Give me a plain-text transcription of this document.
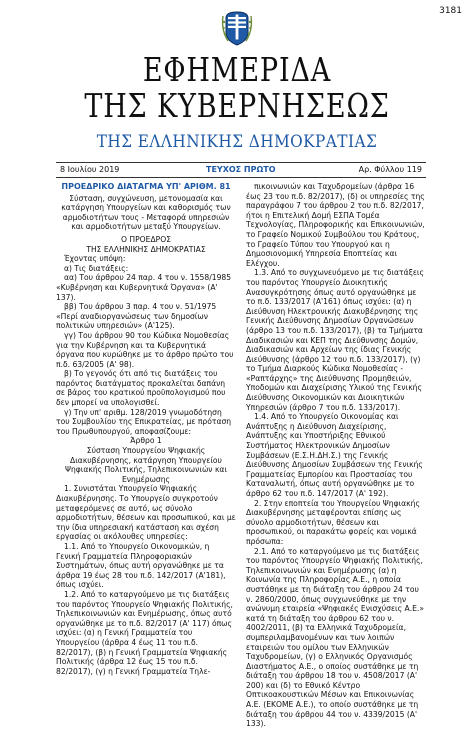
3181
ΕΦΗΜΕΡΙΔΑ
ΤΗΣ ΚΥΒΕΡΝΗΣΕΩΣ
ΤΗΣ ΕΛΛΗΝΙΚΗΣ ΔΗΜΟΚΡΑΤΙΑΣ
8 Ιουλίου 2019	ΤΕΥΧΟΣ ΠΡΩΤΟ	Αρ. Φύλλου 119

ΠΡΟΕΔΡΙΚΟ ΔΙΑΤΑΓΜΑ ΥΠ' ΑΡΙΘΜ. 81

Σύσταση, συγχώνευση, μετονομασία και κατάργηση Υπουργείων και καθορισμός των αρμοδιοτήτων τους - Μεταφορά υπηρεσιών και αρμοδιοτήτων μεταξύ Υπουργείων.

Ο ΠΡΟΕΔΡΟΣ

ΤΗΣ ΕΛΛΗΝΙΚΗΣ ΔΗΜΟΚΡΑΤΙΑΣ

Έχοντας υπόψη:

α) Τις διατάξεις:

αα) Του άρθρου 24 παρ. 4 του ν. 1558/1985 «Κυβέρνηση και Κυβερνητικά Όργανα» (Α' 137).

ββ) Του άρθρου 3 παρ. 4 του ν. 51/1975 «Περί αναδιοργανώσεως των δημοσίων πολιτικών υπηρεσιών» (Α'125).

γγ) Του άρθρου 90 του Κώδικα Νομοθεσίας για την Κυβέρνηση και τα Κυβερνητικά όργανα που κυρώθηκε με το άρθρο πρώτο του π.δ. 63/2005 (Α' 98).

β) Το γεγονός ότι από τις διατάξεις του παρόντος διατάγματος προκαλείται δαπάνη σε βάρος του κρατικού προϋπολογισμού που δεν μπορεί να υπολογισθεί.

γ) Την υπ' αριθμ. 128/2019 γνωμοδότηση του Συμβουλίου της Επικρατείας, με πρόταση του Πρωθυπουργού, αποφασίζουμε:

Άρθρο 1

Σύσταση Υπουργείου Ψηφιακής Διακυβέρνησης, κατάργηση Υπουργείου Ψηφιακής Πολιτικής, Τηλεπικοινωνιών και Ενημέρωσης

1. Συνιστάται Υπουργείο Ψηφιακής Διακυβέρνησης. Το Υπουργείο συγκροτούν μεταφερόμενες σε αυτό, ως σύνολο αρμοδιοτήτων, θέσεων και προσωπικού, και με την ίδια υπηρεσιακή κατάσταση και σχέση εργασίας οι ακόλουθες υπηρεσίες:

1.1. Από το Υπουργείο Οικονομικών, η Γενική Γραμματεία Πληροφοριακών Συστημάτων, όπως αυτή οργανώθηκε με τα άρθρα 19 έως 28 του π.δ. 142/2017 (Α'181), όπως ισχύει.

1.2. Από το καταργούμενο με τις διατάξεις του παρόντος Υπουργείο Ψηφιακής Πολιτικής, Τηλεπικοινωνιών και Ενημέρωσης, όπως αυτό οργανώθηκε με το π.δ. 82/2017 (Α' 117) όπως ισχύει: (α) η Γενική Γραμματεία του Υπουργείου (άρθρα 4 έως 11 του π.δ. 82/2017), (β) η Γενική Γραμματεία Ψηφιακής Πολιτικής (άρθρα 12 έως 15 του π.δ. 82/2017), (γ) η Γενική Γραμματεία Τηλε-

πικοινωνιών και Ταχυδρομείων (άρθρα 16 έως 23 του π.δ. 82/2017), (δ) οι υπηρεσίες της παραγράφου 7 του άρθρου 2 του π.δ. 82/2017, ήτοι η Επιτελική Δομή ΕΣΠΑ Τομέα Τεχνολογίας, Πληροφορικής και Επικοινωνιών, το Γραφείο Νομικού Συμβούλου του Κράτους, το Γραφείο Τύπου του Υπουργού και η Δημοσιονομική Υπηρεσία Εποπτείας και Ελέγχου.

1.3. Από το συγχωνευόμενο με τις διατάξεις του παρόντος Υπουργείο Διοικητικής Ανασυγκρότησης όπως αυτό οργανώθηκε με το π.δ. 133/2017 (Α'161) όπως ισχύει: (α) η Διεύθυνση Ηλεκτρονικής Διακυβέρνησης της Γενικής Διεύθυνσης Δημοσίων Οργανώσεων (άρθρο 13 του π.δ. 133/2017), (β) τα Τμήματα Διαδικασιών και ΚΕΠ της Διεύθυνσης Δομών, Διαδικασιών και Αρχείων της ίδιας Γενικής Διεύθυνσης (άρθρο 12 του π.δ. 133/2017), (γ) το Τμήμα Διαρκούς Κώδικα Νομοθεσίας - «Ραπτάρχης» της Διεύθυνσης Προμηθειών, Υποδομών και Διαχείρισης Υλικού της Γενικής Διεύθυνσης Οικονομικών και Διοικητικών Υπηρεσιών (άρθρο 7 του π.δ. 133/2017).

1.4. Από το Υπουργείο Οικονομίας και Ανάπτυξης η Διεύθυνση Διαχείρισης, Ανάπτυξης και Υποστήριξης Εθνικού Συστήματος Ηλεκτρονικών Δημοσίων Συμβάσεων (Ε.Σ.Η.ΔΗ.Σ.) της Γενικής Διεύθυνσης Δημοσίων Συμβάσεων της Γενικής Γραμματείας Εμπορίου και Προστασίας του Καταναλωτή, όπως αυτή οργανώθηκε με το άρθρο 62 του π.δ. 147/2017 (Α' 192).

2. Στην εποπτεία του Υπουργείου Ψηφιακής Διακυβέρνησης μεταφέρονται επίσης ως σύνολο αρμοδιοτήτων, θέσεων και προσωπικού, οι παρακάτω φορείς και νομικά πρόσωπα:

2.1. Από το καταργούμενο με τις διατάξεις του παρόντος Υπουργείο Ψηφιακής Πολιτικής, Τηλεπικοινωνιών και Ενημέρωσης (α) η Κοινωνία της Πληροφορίας Α.Ε., η οποία συστάθηκε με τη διάταξη του άρθρου 24 του ν. 2860/2000, όπως συγχωνεύθηκε με την ανώνυμη εταιρεία «Ψηφιακές Ενισχύσεις Α.Ε.» κατά τη διάταξη του άρθρου 62 του ν. 4002/2011, (β) τα Ελληνικά Ταχυδρομεία, συμπεριλαμβανομένων και των λοιπών εταιρειών του ομίλου των Ελληνικών Ταχυδρομείων, (γ) ο Ελληνικός Οργανισμός Διαστήματος Α.Ε., ο οποίος συστάθηκε με τη διάταξη του άρθρου 18 του ν. 4508/2017 (Α' 200) και (δ) το Εθνικό Κέντρο Οπτικοακουστικών Μέσων και Επικοινωνίας Α.Ε. (ΕΚΟΜΕ Α.Ε.), το οποίο συστάθηκε με τη διάταξη του άρθρου 44 του ν. 4339/2015 (Α' 133).
